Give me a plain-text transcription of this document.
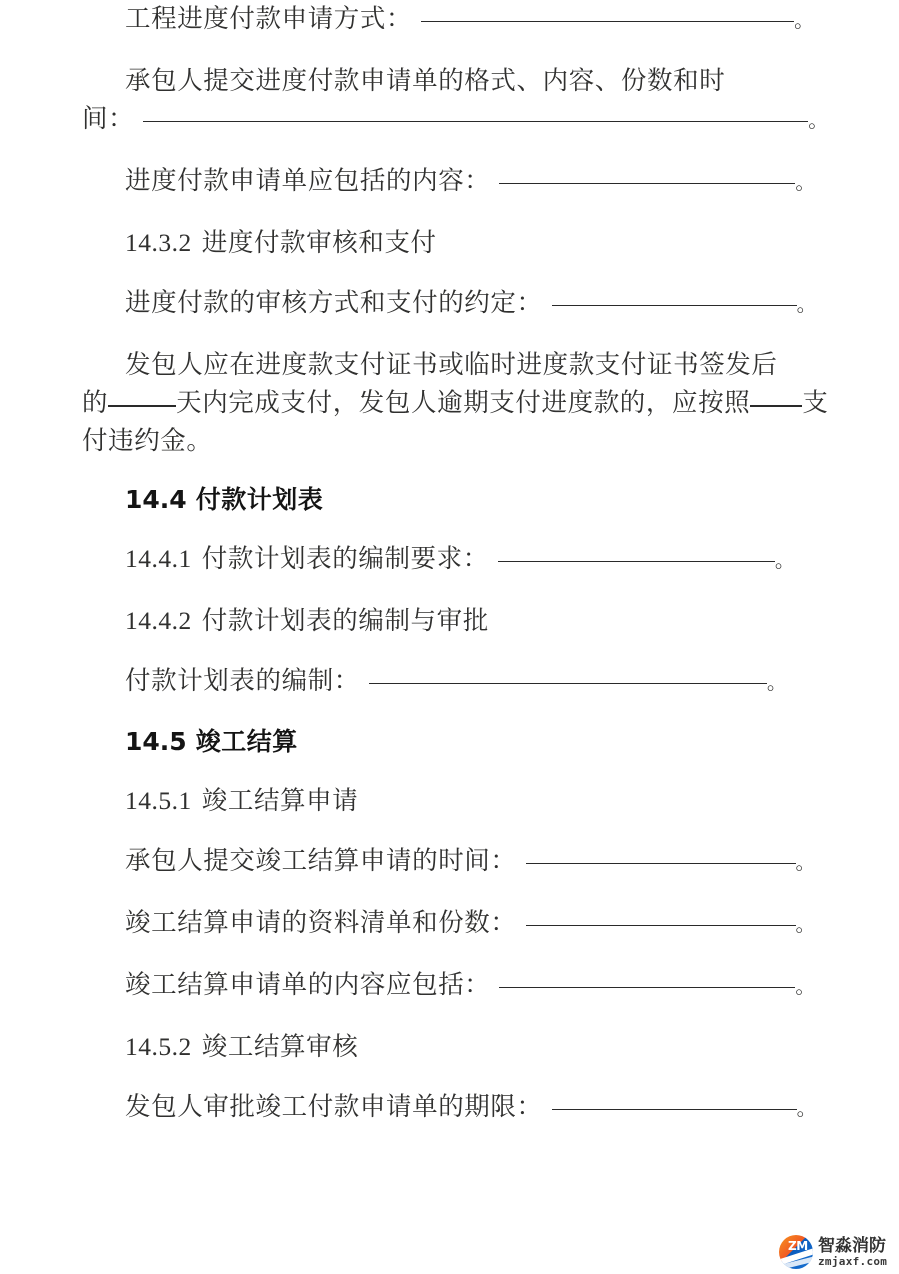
工程进度付款申请方式：	。
承包人提交进度付款申请单的格式、内容、份数和时
间：	。
进度付款申请单应包括的内容：	。
14.3.2 进度付款审核和支付
进度付款的审核方式和支付的约定：	。
发包人应在进度款支付证书或临时进度款支付证书签发后
的	天内完成支付，发包人逾期支付进度款的，应按照 支
付违约金。
14.4 付款计划表
14.4.1 付款计划表的编制要求：	。
14.4.2 付款计划表的编制与审批
付款计划表的编制：	。
14.5 竣工结算
14.5.1 竣工结算申请
承包人提交竣工结算申请的时间：	。
竣工结算申请的资料清单和份数：	。
竣工结算申请单的内容应包括：	。
14.5.2 竣工结算审核
发包人审批竣工付款申请单的期限：	。
ZM 智淼消防
zmjaxf.com
